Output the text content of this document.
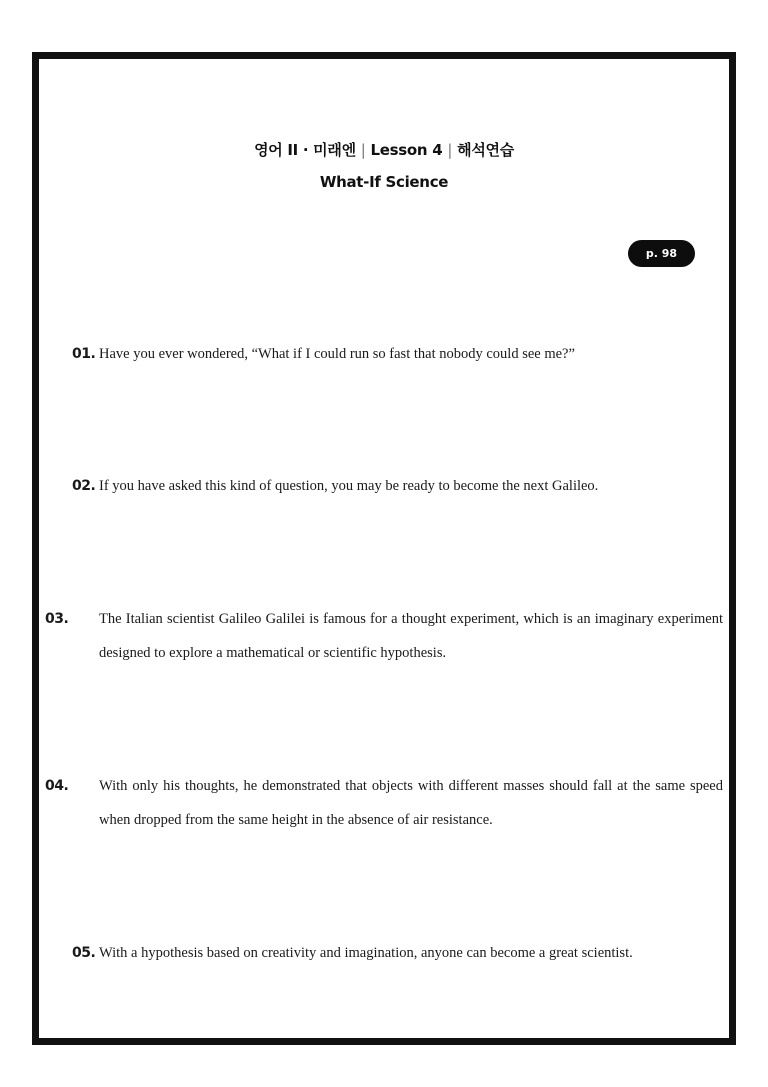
영어 II · 미래엔 | Lesson 4 | 해석연습
What-If Science
p. 98
01. Have you ever wondered, “What if I could run so fast that nobody could see me?”
02. If you have asked this kind of question, you may be ready to become the next Galileo.
03. The Italian scientist Galileo Galilei is famous for a thought experiment, which is an imaginary experiment designed to explore a mathematical or scientific hypothesis.
04. With only his thoughts, he demonstrated that objects with different masses should fall at the same speed when dropped from the same height in the absence of air resistance.
05. With a hypothesis based on creativity and imagination, anyone can become a great scientist.
